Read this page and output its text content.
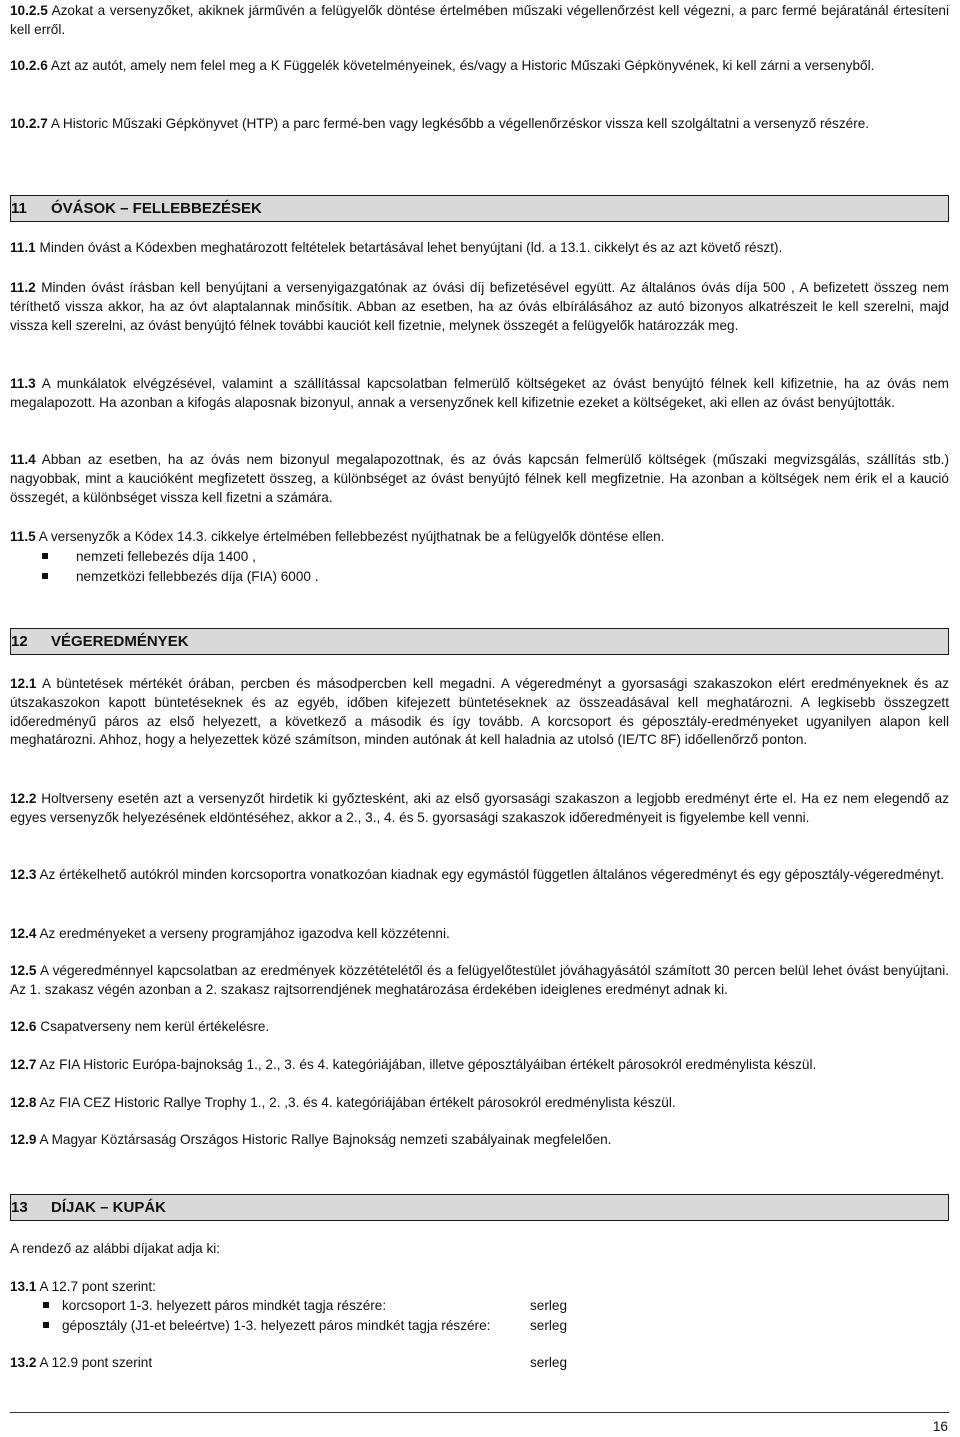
10.2.5 Azokat a versenyzőket, akiknek járművén a felügyelők döntése értelmében műszaki végellenőrzést kell végezni, a parc fermé bejáratánál értesíteni kell erről.

10.2.6 Azt az autót, amely nem felel meg a K Függelék követelményeinek, és/vagy a Historic Műszaki Gépkönyvének, ki kell zárni a versenyből.

10.2.7 A Historic Műszaki Gépkönyvet (HTP) a parc fermé-ben vagy legkésőbb a végellenőrzéskor vissza kell szolgáltatni a versenyző részére.

11 ÓVÁSOK – FELLEBBEZÉSEK

11.1 Minden óvást a Kódexben meghatározott feltételek betartásával lehet benyújtani (ld. a 13.1. cikkelyt és az azt követő részt).

11.2 Minden óvást írásban kell benyújtani a versenyigazgatónak az óvási díj befizetésével együtt. Az általános óvás díja 500 , A befizetett összeg nem téríthető vissza akkor, ha az óvt alaptalannak minősítik. Abban az esetben, ha az óvás elbírálásához az autó bizonyos alkatrészeit le kell szerelni, majd vissza kell szerelni, az óvást benyújtó félnek további kauciót kell fizetnie, melynek összegét a felügyelők határozzák meg.

11.3 A munkálatok elvégzésével, valamint a szállítással kapcsolatban felmerülő költségeket az óvást benyújtó félnek kell kifizetnie, ha az óvás nem megalapozott. Ha azonban a kifogás alaposnak bizonyul, annak a versenyzőnek kell kifizetnie ezeket a költségeket, aki ellen az óvást benyújtották.

11.4 Abban az esetben, ha az óvás nem bizonyul megalapozottnak, és az óvás kapcsán felmerülő költségek (műszaki megvizsgálás, szállítás stb.) nagyobbak, mint a kaucióként megfizetett összeg, a különbséget az óvást benyújtó félnek kell megfizetnie. Ha azonban a költségek nem érik el a kaució összegét, a különbséget vissza kell fizetni a számára.

11.5 A versenyzők a Kódex 14.3. cikkelye értelmében fellebbezést nyújthatnak be a felügyelők döntése ellen.

nemzeti fellebezés díja 1400 ,
nemzetközi fellebbezés díja (FIA) 6000 .
12 VÉGEREDMÉNYEK

12.1 A büntetések mértékét órában, percben és másodpercben kell megadni. A végeredményt a gyorsasági szakaszokon elért eredményeknek és az útszakaszokon kapott büntetéseknek és az egyéb, időben kifejezett büntetéseknek az összeadásával kell meghatározni. A legkisebb összegzett időeredményű páros az első helyezett, a következő a második és így tovább. A korcsoport és géposztály-eredményeket ugyanilyen alapon kell meghatározni. Ahhoz, hogy a helyezettek közé számítson, minden autónak át kell haladnia az utolsó (IE/TC 8F) időellenőrző ponton.

12.2 Holtverseny esetén azt a versenyzőt hirdetik ki győztesként, aki az első gyorsasági szakaszon a legjobb eredményt érte el. Ha ez nem elegendő az egyes versenyzők helyezésének eldöntéséhez, akkor a 2., 3., 4. és 5. gyorsasági szakaszok időeredményeit is figyelembe kell venni.

12.3 Az értékelhető autókról minden korcsoportra vonatkozóan kiadnak egy egymástól független általános végeredményt és egy géposztály-végeredményt.

12.4 Az eredményeket a verseny programjához igazodva kell közzétenni.

12.5 A végeredménnyel kapcsolatban az eredmények közzétételétől és a felügyelőtestület jóváhagyásától számított 30 percen belül lehet óvást benyújtani. Az 1. szakasz végén azonban a 2. szakasz rajtsorrendjének meghatározása érdekében ideiglenes eredményt adnak ki.

12.6 Csapatverseny nem kerül értékelésre.

12.7 Az FIA Historic Európa-bajnokság 1., 2., 3. és 4. kategóriájában, illetve géposztályáiban értékelt párosokról eredménylista készül.

12.8 Az FIA CEZ Historic Rallye Trophy 1., 2. ,3. és 4. kategóriájában értékelt párosokról eredménylista készül.

12.9 A Magyar Köztársaság Országos Historic Rallye Bajnokság nemzeti szabályainak megfelelően.

13 DÍJAK – KUPÁK

A rendező az alábbi díjakat adja ki:

13.1 A 12.7 pont szerint:

korcsoport 1-3. helyezett páros mindkét tagja részére:	serleg
géposztály (J1-et beleértve) 1-3. helyezett páros mindkét tagja részére:	serleg

13.2 A 12.9 pont szerint	serleg

16
